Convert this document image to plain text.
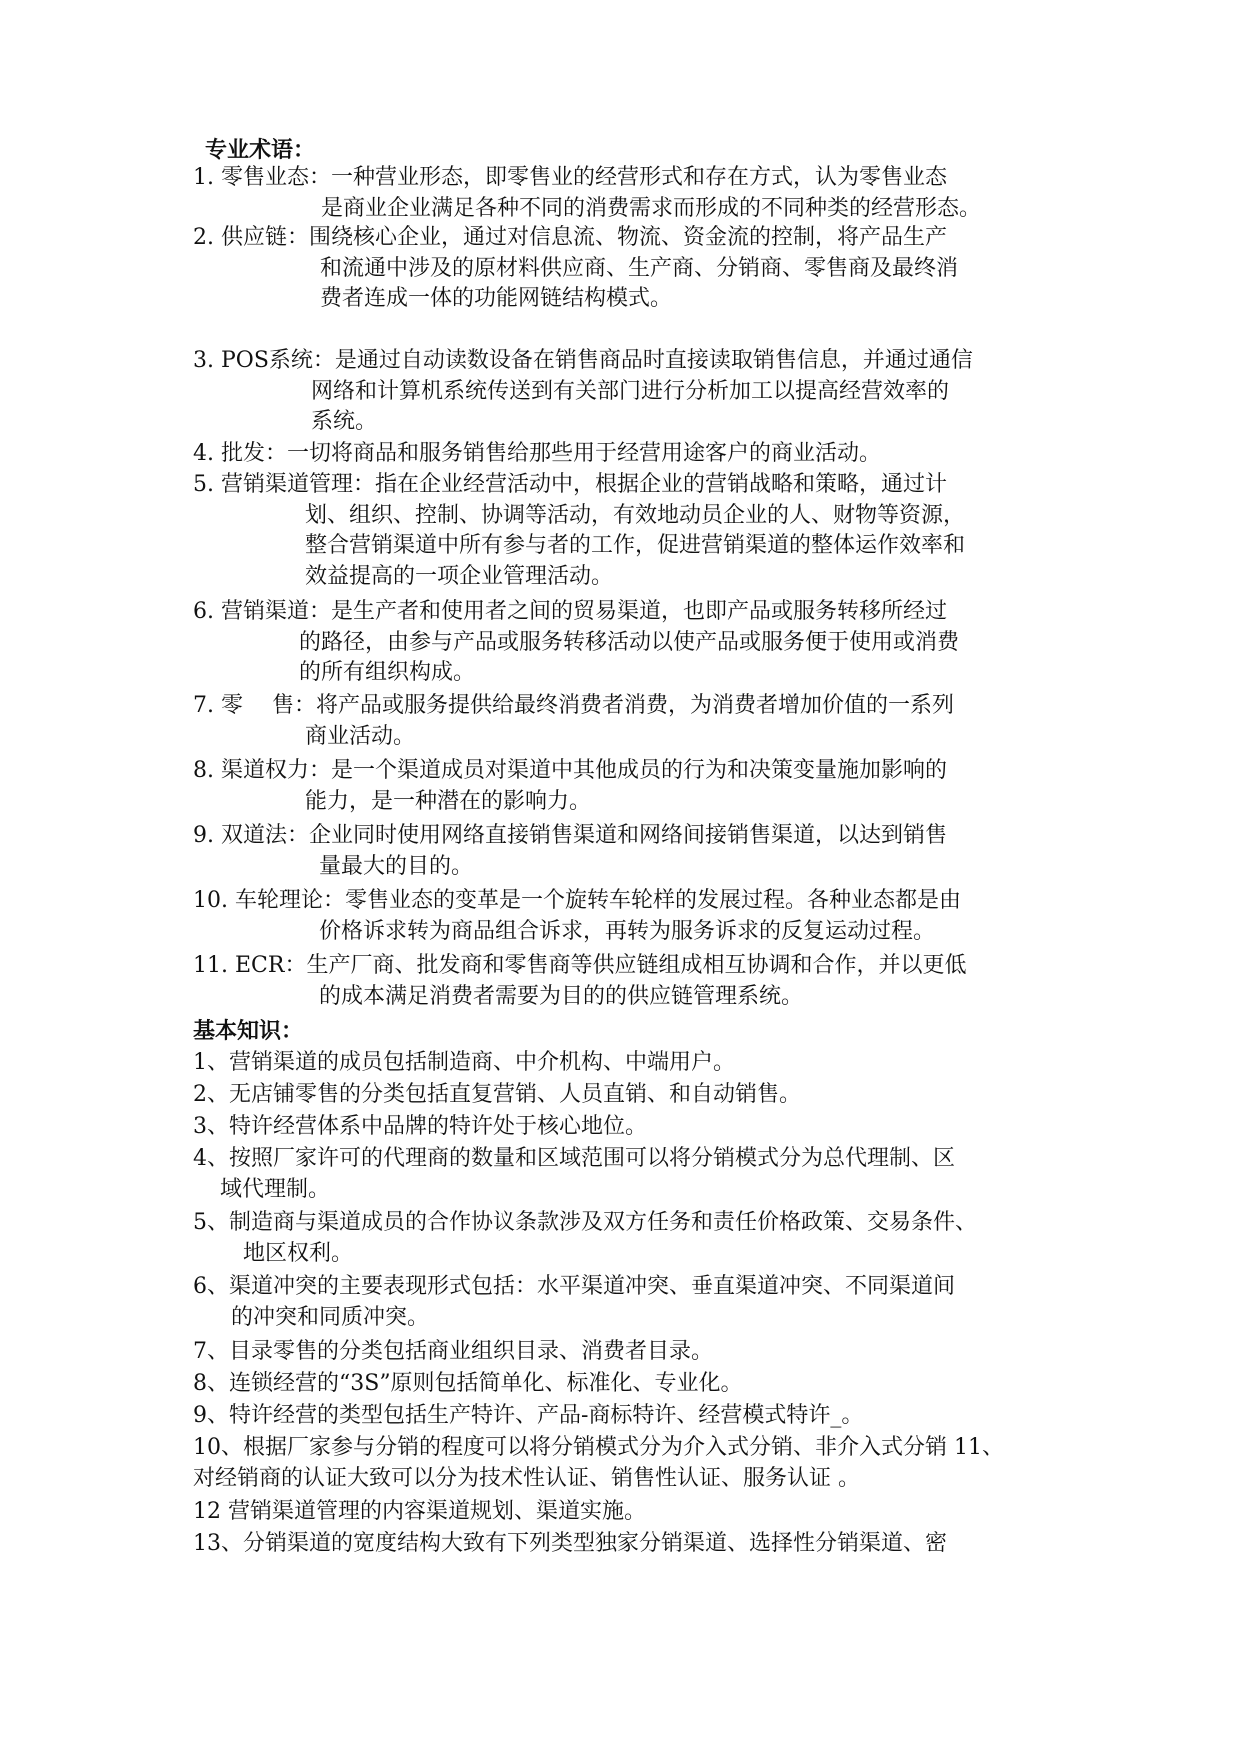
专业术语：
1. 零售业态：一种营业形态，即零售业的经营形式和存在方式，认为零售业态
是商业企业满足各种不同的消费需求而形成的不同种类的经营形态。
2. 供应链：围绕核心企业，通过对信息流、物流、资金流的控制，将产品生产
和流通中涉及的原材料供应商、生产商、分销商、零售商及最终消
费者连成一体的功能网链结构模式。
3. POS系统：是通过自动读数设备在销售商品时直接读取销售信息，并通过通信
网络和计算机系统传送到有关部门进行分析加工以提高经营效率的
系统。
4. 批发：一切将商品和服务销售给那些用于经营用途客户的商业活动。
5. 营销渠道管理：指在企业经营活动中，根据企业的营销战略和策略，通过计
划、组织、控制、协调等活动，有效地动员企业的人、财物等资源，
整合营销渠道中所有参与者的工作，促进营销渠道的整体运作效率和
效益提高的一项企业管理活动。
6. 营销渠道：是生产者和使用者之间的贸易渠道，也即产品或服务转移所经过
的路径，由参与产品或服务转移活动以使产品或服务便于使用或消费
的所有组织构成。
7. 零　 售：将产品或服务提供给最终消费者消费，为消费者增加价值的一系列
商业活动。
8. 渠道权力：是一个渠道成员对渠道中其他成员的行为和决策变量施加影响的
能力，是一种潜在的影响力。
9. 双道法：企业同时使用网络直接销售渠道和网络间接销售渠道，以达到销售
量最大的目的。
10. 车轮理论：零售业态的变革是一个旋转车轮样的发展过程。各种业态都是由
价格诉求转为商品组合诉求，再转为服务诉求的反复运动过程。
11. ECR：生产厂商、批发商和零售商等供应链组成相互协调和合作，并以更低
的成本满足消费者需要为目的的供应链管理系统。
基本知识：
1、营销渠道的成员包括制造商、中介机构、中端用户。
2、无店铺零售的分类包括直复营销、人员直销、和自动销售。
3、特许经营体系中品牌的特许处于核心地位。
4、按照厂家许可的代理商的数量和区域范围可以将分销模式分为总代理制、区
域代理制。
5、制造商与渠道成员的合作协议条款涉及双方任务和责任价格政策、交易条件、
地区权利。
6、渠道冲突的主要表现形式包括：水平渠道冲突、垂直渠道冲突、不同渠道间
的冲突和同质冲突。
7、目录零售的分类包括商业组织目录、消费者目录。
8、连锁经营的“3S”原则包括简单化、标准化、专业化。
9、特许经营的类型包括生产特许、产品-商标特许、经营模式特许_。
10、根据厂家参与分销的程度可以将分销模式分为介入式分销、非介入式分销 11、
对经销商的认证大致可以分为技术性认证、销售性认证、服务认证 。
12 营销渠道管理的内容渠道规划、渠道实施。
13、分销渠道的宽度结构大致有下列类型独家分销渠道、选择性分销渠道、密
